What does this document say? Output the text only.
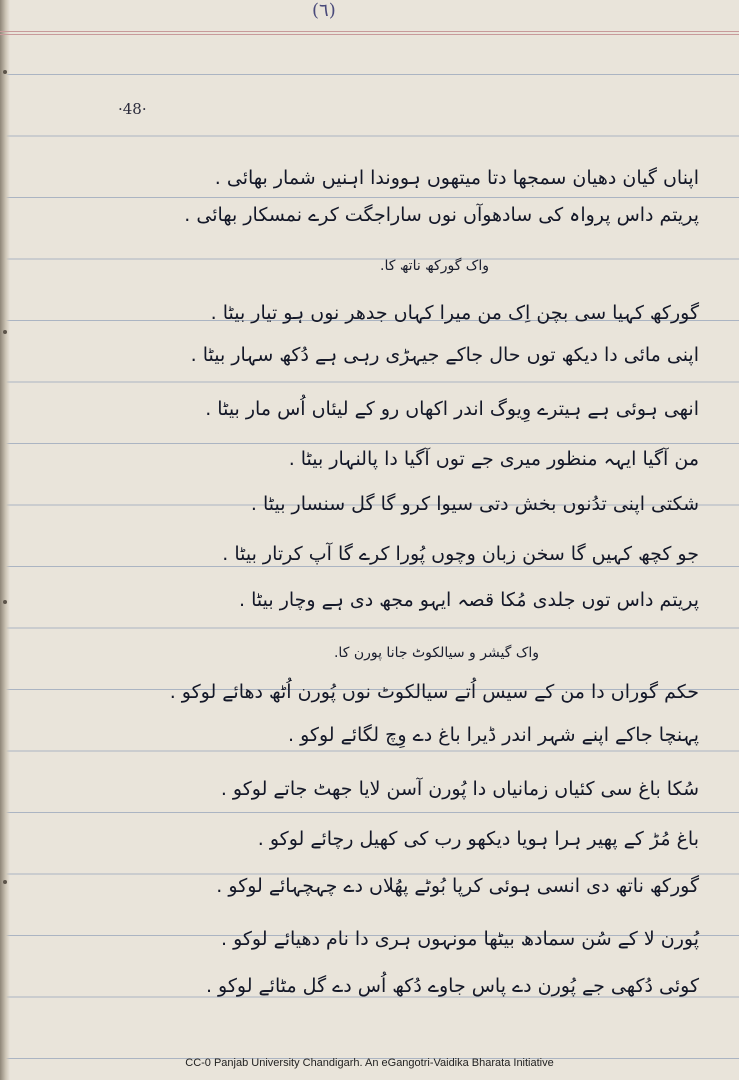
(٦)
·48·
اپناں گیان دھیان سمجھا دتا میتھوں ہووندا اہنیں شمار بھائی .
پریتم داس پرواہ کی سادھوآں نوں ساراجگت کرے نمسکار بھائی .
واک گورکھ ناتھ کا.
گورکھ کہیا سی بچن اِک من میرا کہاں جدھر نوں ہو تیار بیٹا .
اپنی مائی دا دیکھ توں حال جاکے جیہڑی رہی ہے دُکھ سہار بیٹا .
انھی ہوئی ہے ہیترے وِیوگ اندر اکھاں رو کے لیئاں اُس مار بیٹا .
من آگیا ایہہ منظور میری جے توں آگیا دا پالنہار بیٹا .
شکتی اپنی تدُنوں بخش دتی سیوا کرو گا گل سنسار بیٹا .
جو کچھ کہیں گا سخن زبان وچوں پُورا کرے گا آپ کرتار بیٹا .
پریتم داس توں جلدی مُکا قصہ ایہو مجھ دی ہے وچار بیٹا .
واک گیشر و سیالکوٹ جانا پورن کا.
حکم گوراں دا من کے سیس اُتے سیالکوٹ نوں پُورن اُٹھ دھائے لوکو .
پہنچا جاکے اپنے شہر اندر ڈیرا باغ دے وِچ لگائے لوکو .
سُکا باغ سی کئیاں زمانیاں دا پُورن آسن لایا جھٹ جاتے لوکو .
باغ مُڑ کے پھیر ہرا ہویا دیکھو رب کی کھیل رچائے لوکو .
گورکھ ناتھ دی انسی ہوئی کرپا بُوٹے پھُلاں دے چہچہائے لوکو .
پُورن لا کے سُن سمادھ بیٹھا مونہوں ہری دا نام دھیائے لوکو .
کوئی دُکھی جے پُورن دے پاس جاوے دُکھ اُس دے گل مٹائے لوکو .
CC-0 Panjab University Chandigarh. An eGangotri-Vaidika Bharata Initiative
